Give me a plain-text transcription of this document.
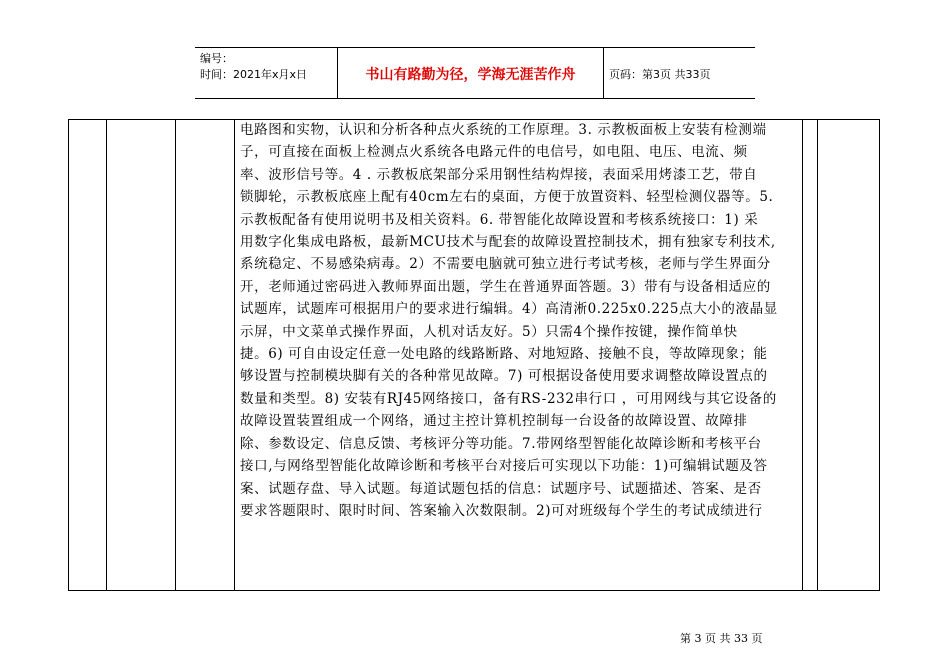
编号：
时间：2021年x月x日	书山有路勤为径，学海无涯苦作舟	页码：第3页 共33页
电路图和实物，认识和分析各种点火系统的工作原理。3. 示教板面板上安装有检测端
子，可直接在面板上检测点火系统各电路元件的电信号，如电阻、电压、电流、频
率、波形信号等。4 . 示教板底架部分采用钢性结构焊接，表面采用烤漆工艺，带自
锁脚轮，示教板底座上配有40cm左右的桌面，方便于放置资料、轻型检测仪器等。5.
示教板配备有使用说明书及相关资料。6. 带智能化故障设置和考核系统接口：1) 采
用数字化集成电路板，最新MCU技术与配套的故障设置控制技术，拥有独家专利技术,
系统稳定、不易感染病毒。2）不需要电脑就可独立进行考试考核，老师与学生界面分
开，老师通过密码进入教师界面出题，学生在普通界面答题。3）带有与设备相适应的
试题库，试题库可根据用户的要求进行编辑。4）高清淅0.225x0.225点大小的液晶显
示屏，中文菜单式操作界面，人机对话友好。5）只需4个操作按键，操作简单快
捷。6) 可自由设定任意一处电路的线路断路、对地短路、接触不良，等故障现象；能
够设置与控制模块脚有关的各种常见故障。7) 可根据设备使用要求调整故障设置点的
数量和类型。8) 安装有RJ45网络接口，备有RS-232串行口 ，可用网线与其它设备的
故障设置装置组成一个网络，通过主控计算机控制每一台设备的故障设置、故障排
除、参数设定、信息反馈、考核评分等功能。7.带网络型智能化故障诊断和考核平台
接口,与网络型智能化故障诊断和考核平台对接后可实现以下功能：1)可编辑试题及答
案、试题存盘、导入试题。每道试题包括的信息：试题序号、试题描述、答案、是否
要求答题限时、限时时间、答案输入次数限制。2)可对班级每个学生的考试成绩进行
第 3 页 共 33 页
